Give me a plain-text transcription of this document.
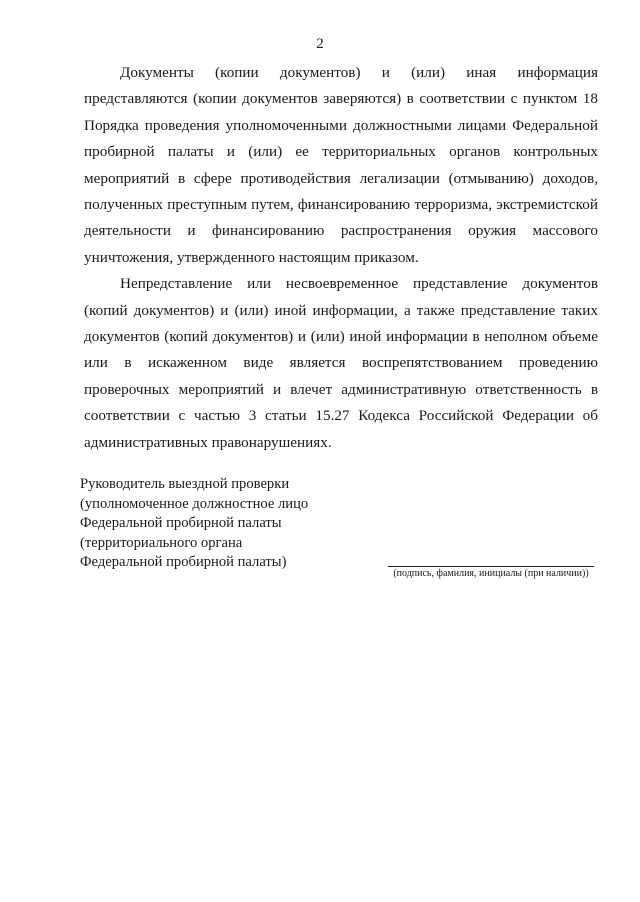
2

Документы (копии документов) и (или) иная информация представляются (копии документов заверяются) в соответствии с пунктом 18 Порядка проведения уполномоченными должностными лицами Федеральной пробирной палаты и (или) ее территориальных органов контрольных мероприятий в сфере противодействия легализации (отмыванию) доходов, полученных преступным путем, финансированию терроризма, экстремистской деятельности и финансированию распространения оружия массового уничтожения, утвержденного настоящим приказом.

Непредставление или несвоевременное представление документов (копий документов) и (или) иной информации, а также представление таких документов (копий документов) и (или) иной информации в неполном объеме или в искаженном виде является воспрепятствованием проведению проверочных мероприятий и влечет административную ответственность в соответствии с частью 3 статьи 15.27 Кодекса Российской Федерации об административных правонарушениях.

Руководитель выездной проверки
(уполномоченное должностное лицо
Федеральной пробирной палаты
(территориального органа
Федеральной пробирной палаты)
(подпись, фамилия, инициалы (при наличии))
